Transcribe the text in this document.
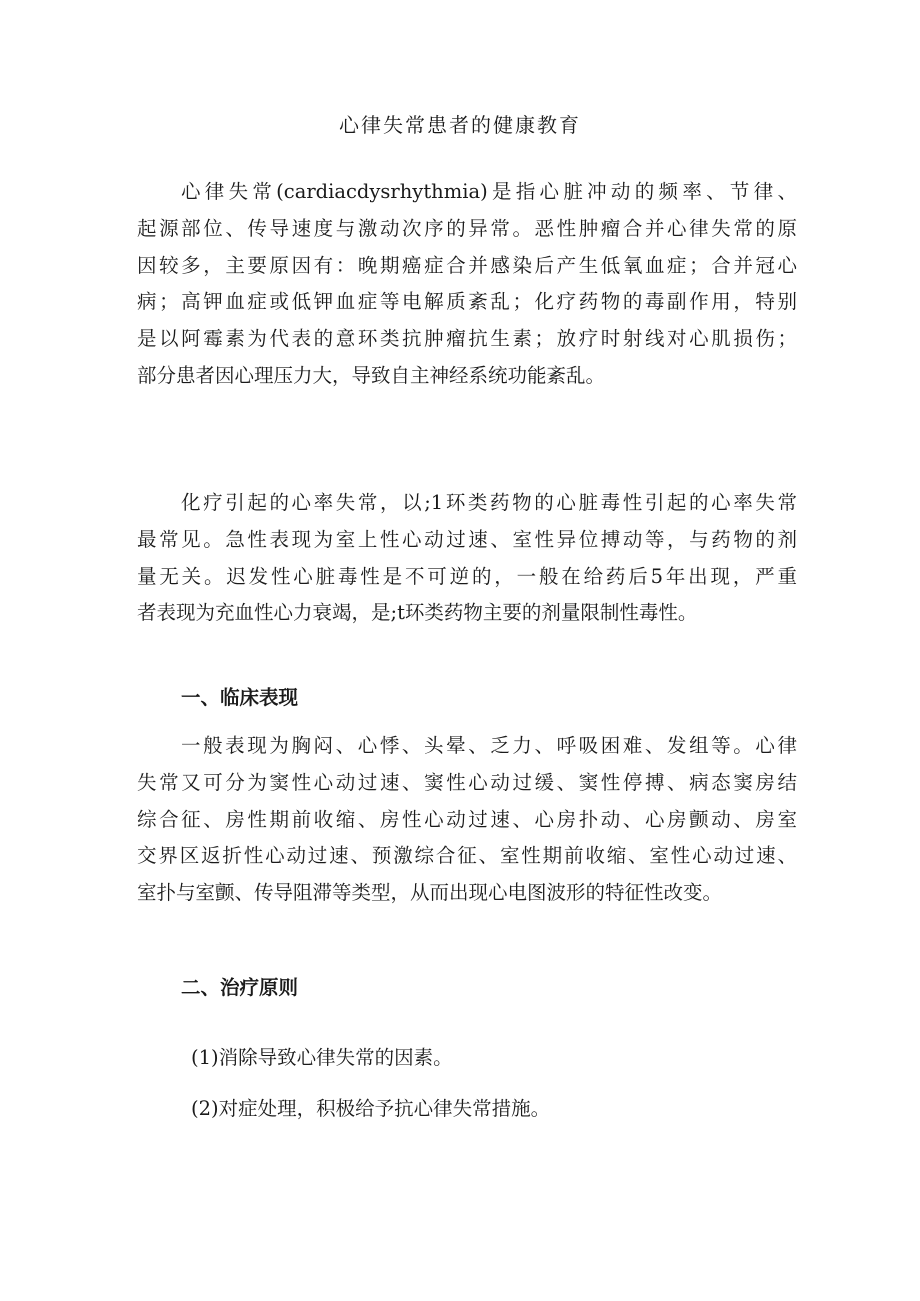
心律失常患者的健康教育

心律失常(cardiacdysrhythmia)是指心脏冲动的频率、节律、
起源部位、传导速度与激动次序的异常。恶性肿瘤合并心律失常的原
因较多，主要原因有：晚期癌症合并感染后产生低氧血症；合并冠心
病；高钾血症或低钾血症等电解质紊乱；化疗药物的毒副作用，特别
是以阿霉素为代表的意环类抗肿瘤抗生素；放疗时射线对心肌损伤；
部分患者因心理压力大，导致自主神经系统功能紊乱。

化疗引起的心率失常，以;1环类药物的心脏毒性引起的心率失常
最常见。急性表现为室上性心动过速、室性异位搏动等，与药物的剂
量无关。迟发性心脏毒性是不可逆的，一般在给药后5年出现，严重
者表现为充血性心力衰竭，是;t环类药物主要的剂量限制性毒性。

一、临床表现

一般表现为胸闷、心悸、头晕、乏力、呼吸困难、发组等。心律
失常又可分为窦性心动过速、窦性心动过缓、窦性停搏、病态窦房结
综合征、房性期前收缩、房性心动过速、心房扑动、心房颤动、房室
交界区返折性心动过速、预激综合征、室性期前收缩、室性心动过速、
室扑与室颤、传导阻滞等类型，从而出现心电图波形的特征性改变。

二、治疗原则

(1)消除导致心律失常的因素。

(2)对症处理，积极给予抗心律失常措施。
